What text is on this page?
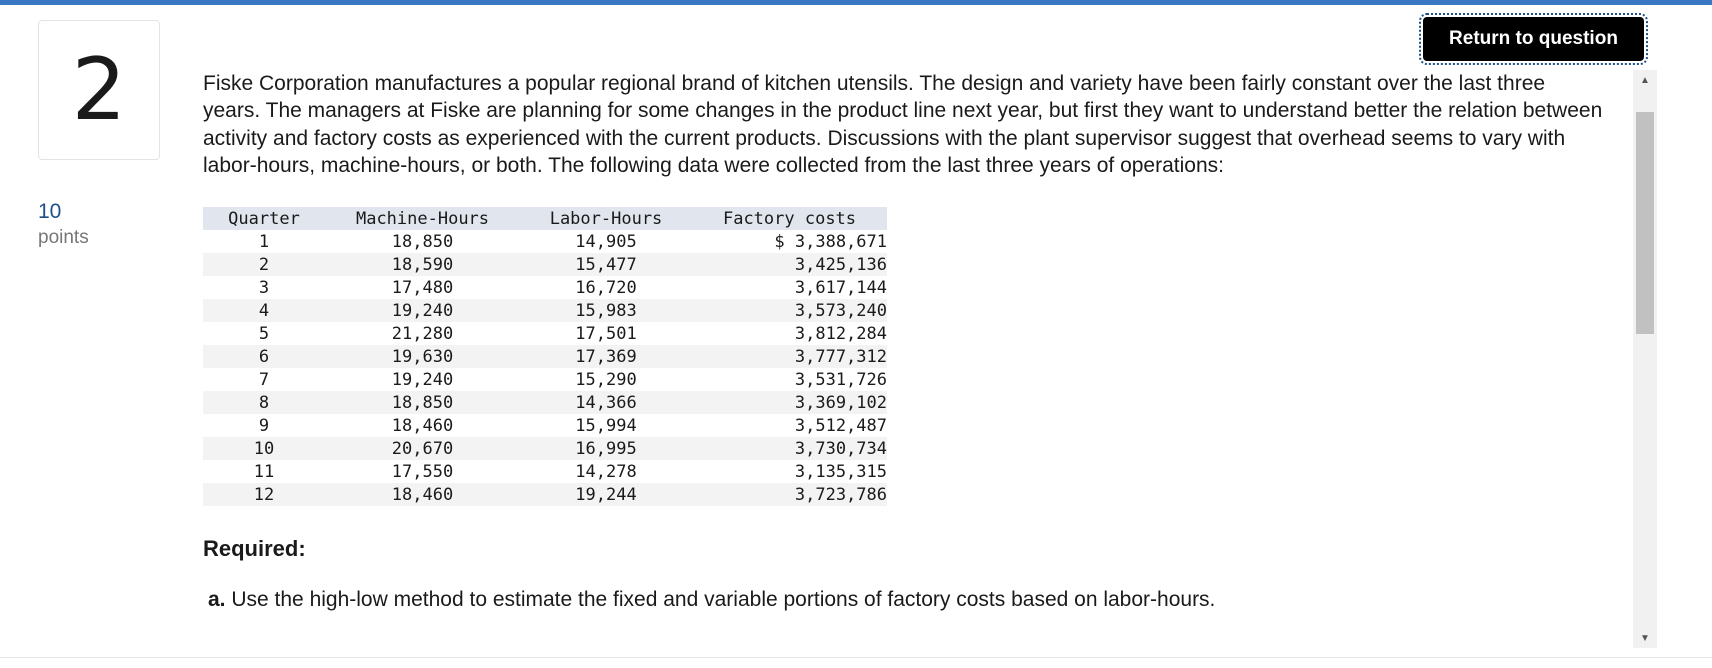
2
10
points
Return to question

Fiske Corporation manufactures a popular regional brand of kitchen utensils. The design and variety have been fairly constant over the last three years. The managers at Fiske are planning for some changes in the product line next year, but first they want to understand better the relation between activity and factory costs as experienced with the current products. Discussions with the plant supervisor suggest that overhead seems to vary with labor-hours, machine-hours, or both. The following data were collected from the last three years of operations:

Quarter	Machine-Hours	Labor-Hours	Factory costs
1	18,850	14,905	$ 3,388,671
2	18,590	15,477	3,425,136
3	17,480	16,720	3,617,144
4	19,240	15,983	3,573,240
5	21,280	17,501	3,812,284
6	19,630	17,369	3,777,312
7	19,240	15,290	3,531,726
8	18,850	14,366	3,369,102
9	18,460	15,994	3,512,487
10	20,670	16,995	3,730,734
11	17,550	14,278	3,135,315
12	18,460	19,244	3,723,786
Required:
a. Use the high-low method to estimate the fixed and variable portions of factory costs based on labor-hours.
▲
▼
